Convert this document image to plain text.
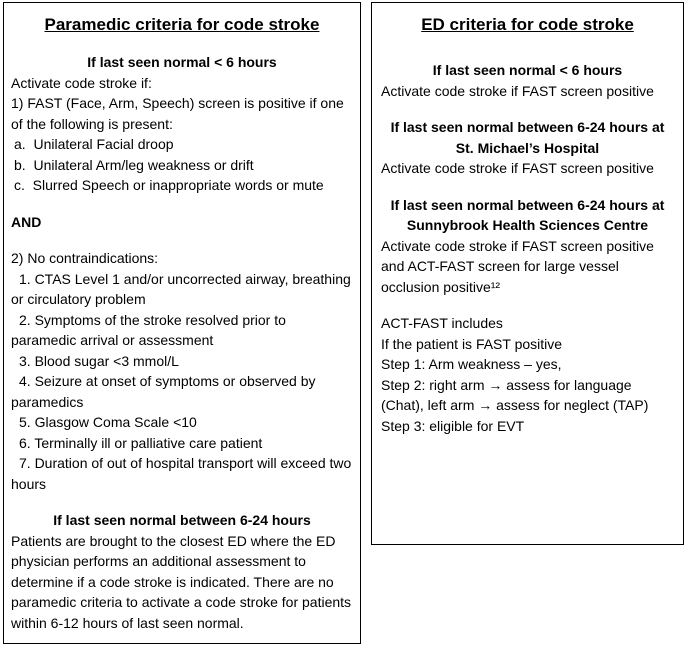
Paramedic criteria for code stroke
If last seen normal < 6 hours
Activate code stroke if:
1) FAST (Face, Arm, Speech) screen is positive if one of the following is present:
a.  Unilateral Facial droop
b.  Unilateral Arm/leg weakness or drift
c.  Slurred Speech or inappropriate words or mute
AND
2) No contraindications:
1. CTAS Level 1 and/or uncorrected airway, breathing or circulatory problem
2. Symptoms of the stroke resolved prior to paramedic arrival or assessment
3. Blood sugar <3 mmol/L
4. Seizure at onset of symptoms or observed by paramedics
5. Glasgow Coma Scale <10
6. Terminally ill or palliative care patient
7. Duration of out of hospital transport will exceed two hours
If last seen normal between 6-24 hours
Patients are brought to the closest ED where the ED physician performs an additional assessment to determine if a code stroke is indicated. There are no paramedic criteria to activate a code stroke for patients within 6-12 hours of last seen normal.
ED criteria for code stroke
If last seen normal < 6 hours
Activate code stroke if FAST screen positive
If last seen normal between 6-24 hours at St. Michael’s Hospital
Activate code stroke if FAST screen positive
If last seen normal between 6-24 hours at Sunnybrook Health Sciences Centre
Activate code stroke if FAST screen positive and ACT-FAST screen for large vessel occlusion positive¹²
ACT-FAST includes
If the patient is FAST positive
Step 1: Arm weakness – yes,
Step 2: right arm → assess for language (Chat), left arm → assess for neglect (TAP)
Step 3: eligible for EVT
